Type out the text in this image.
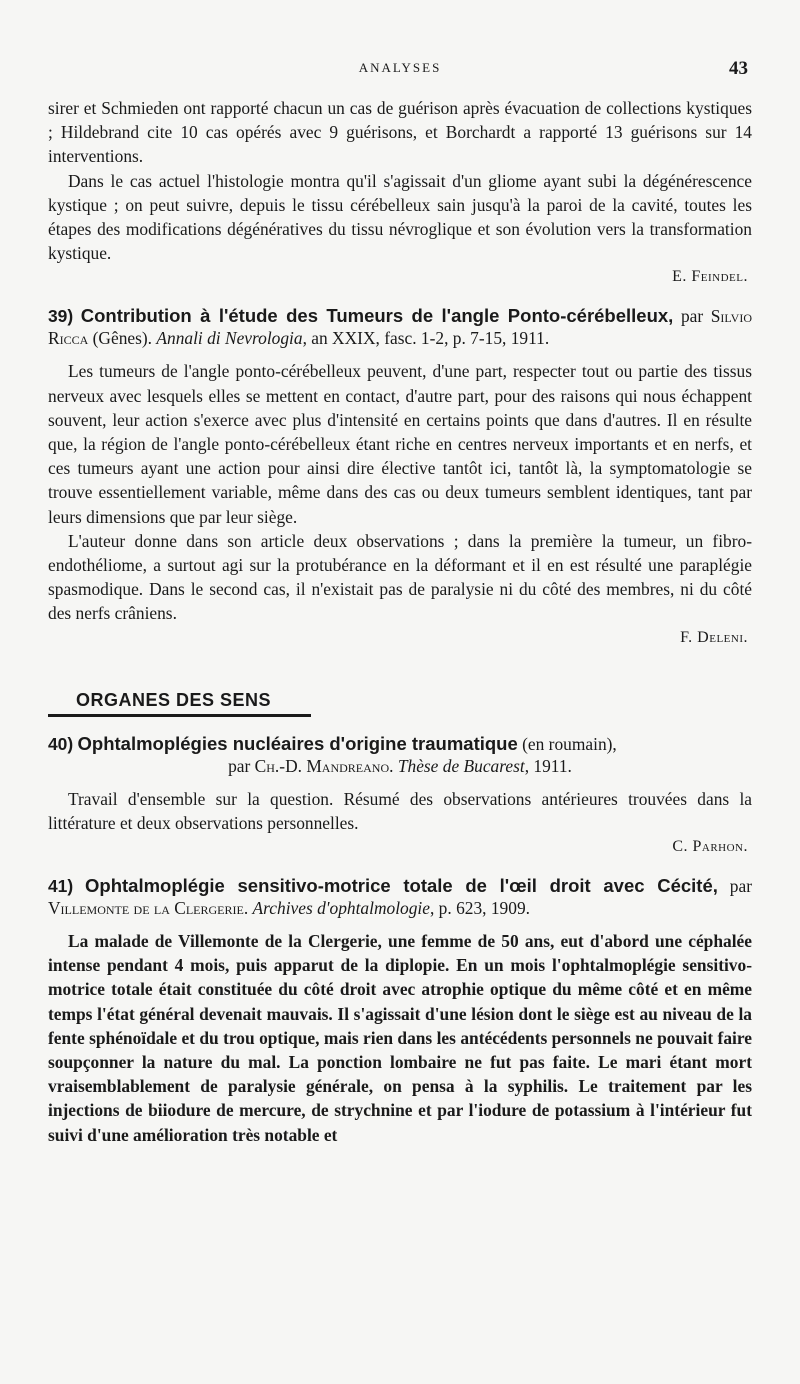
ANALYSES	43

sirer et Schmieden ont rapporté chacun un cas de guérison après évacuation de collections kystiques ; Hildebrand cite 10 cas opérés avec 9 guérisons, et Borchardt a rapporté 13 guérisons sur 14 interventions.

Dans le cas actuel l'histologie montra qu'il s'agissait d'un gliome ayant subi la dégénérescence kystique ; on peut suivre, depuis le tissu cérébelleux sain jusqu'à la paroi de la cavité, toutes les étapes des modifications dégénératives du tissu névroglique et son évolution vers la transformation kystique.

E. Feindel.
39) Contribution à l'étude des Tumeurs de l'angle Ponto-cérébelleux, par Silvio Ricca (Gênes). Annali di Nevrologia, an XXIX, fasc. 1-2, p. 7-15, 1911.

Les tumeurs de l'angle ponto-cérébelleux peuvent, d'une part, respecter tout ou partie des tissus nerveux avec lesquels elles se mettent en contact, d'autre part, pour des raisons qui nous échappent souvent, leur action s'exerce avec plus d'intensité en certains points que dans d'autres. Il en résulte que, la région de l'angle ponto-cérébelleux étant riche en centres nerveux importants et en nerfs, et ces tumeurs ayant une action pour ainsi dire élective tantôt ici, tantôt là, la symptomatologie se trouve essentiellement variable, même dans des cas ou deux tumeurs semblent identiques, tant par leurs dimensions que par leur siège.

L'auteur donne dans son article deux observations ; dans la première la tumeur, un fibro-endothéliome, a surtout agi sur la protubérance en la déformant et il en est résulté une paraplégie spasmodique. Dans le second cas, il n'existait pas de paralysie ni du côté des membres, ni du côté des nerfs crâniens.

F. Deleni.
ORGANES DES SENS
40) Ophtalmoplégies nucléaires d'origine traumatique (en roumain),
par Ch.-D. Mandreano. Thèse de Bucarest, 1911.

Travail d'ensemble sur la question. Résumé des observations antérieures trouvées dans la littérature et deux observations personnelles.

C. Parhon.
41) Ophtalmoplégie sensitivo-motrice totale de l'œil droit avec Cécité, par Villemonte de la Clergerie. Archives d'ophtalmologie, p. 623, 1909.

La malade de Villemonte de la Clergerie, une femme de 50 ans, eut d'abord une céphalée intense pendant 4 mois, puis apparut de la diplopie. En un mois l'ophtalmoplégie sensitivo-motrice totale était constituée du côté droit avec atrophie optique du même côté et en même temps l'état général devenait mauvais. Il s'agissait d'une lésion dont le siège est au niveau de la fente sphénoïdale et du trou optique, mais rien dans les antécédents personnels ne pouvait faire soupçonner la nature du mal. La ponction lombaire ne fut pas faite. Le mari étant mort vraisemblablement de paralysie générale, on pensa à la syphilis. Le traitement par les injections de biiodure de mercure, de strychnine et par l'iodure de potassium à l'intérieur fut suivi d'une amélioration très notable et
